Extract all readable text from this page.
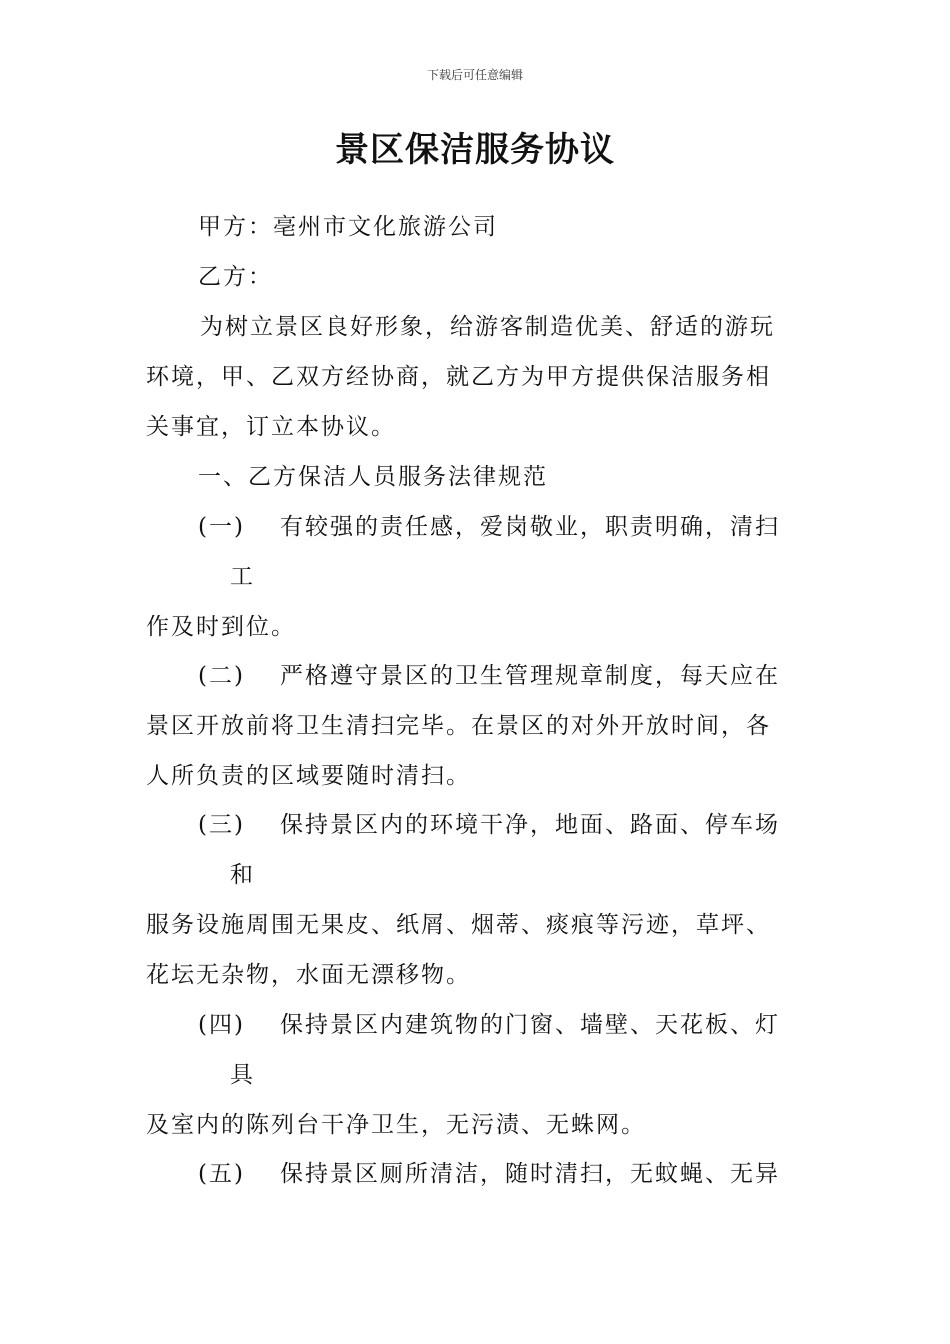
下载后可任意编辑
景区保洁服务协议
甲方：亳州市文化旅游公司
乙方：
为树立景区良好形象，给游客制造优美、舒适的游玩
环境，甲、乙双方经协商，就乙方为甲方提供保洁服务相
关事宜，订立本协议。
一、乙方保洁人员服务法律规范
(一) 有较强的责任感，爱岗敬业，职责明确，清扫
工
作及时到位。
(二) 严格遵守景区的卫生管理规章制度，每天应在
景区开放前将卫生清扫完毕。在景区的对外开放时间，各
人所负责的区域要随时清扫。
(三) 保持景区内的环境干净，地面、路面、停车场
和
服务设施周围无果皮、纸屑、烟蒂、痰痕等污迹，草坪、
花坛无杂物，水面无漂移物。
(四) 保持景区内建筑物的门窗、墙壁、天花板、灯
具
及室内的陈列台干净卫生，无污渍、无蛛网。
(五) 保持景区厕所清洁，随时清扫，无蚊蝇、无异
